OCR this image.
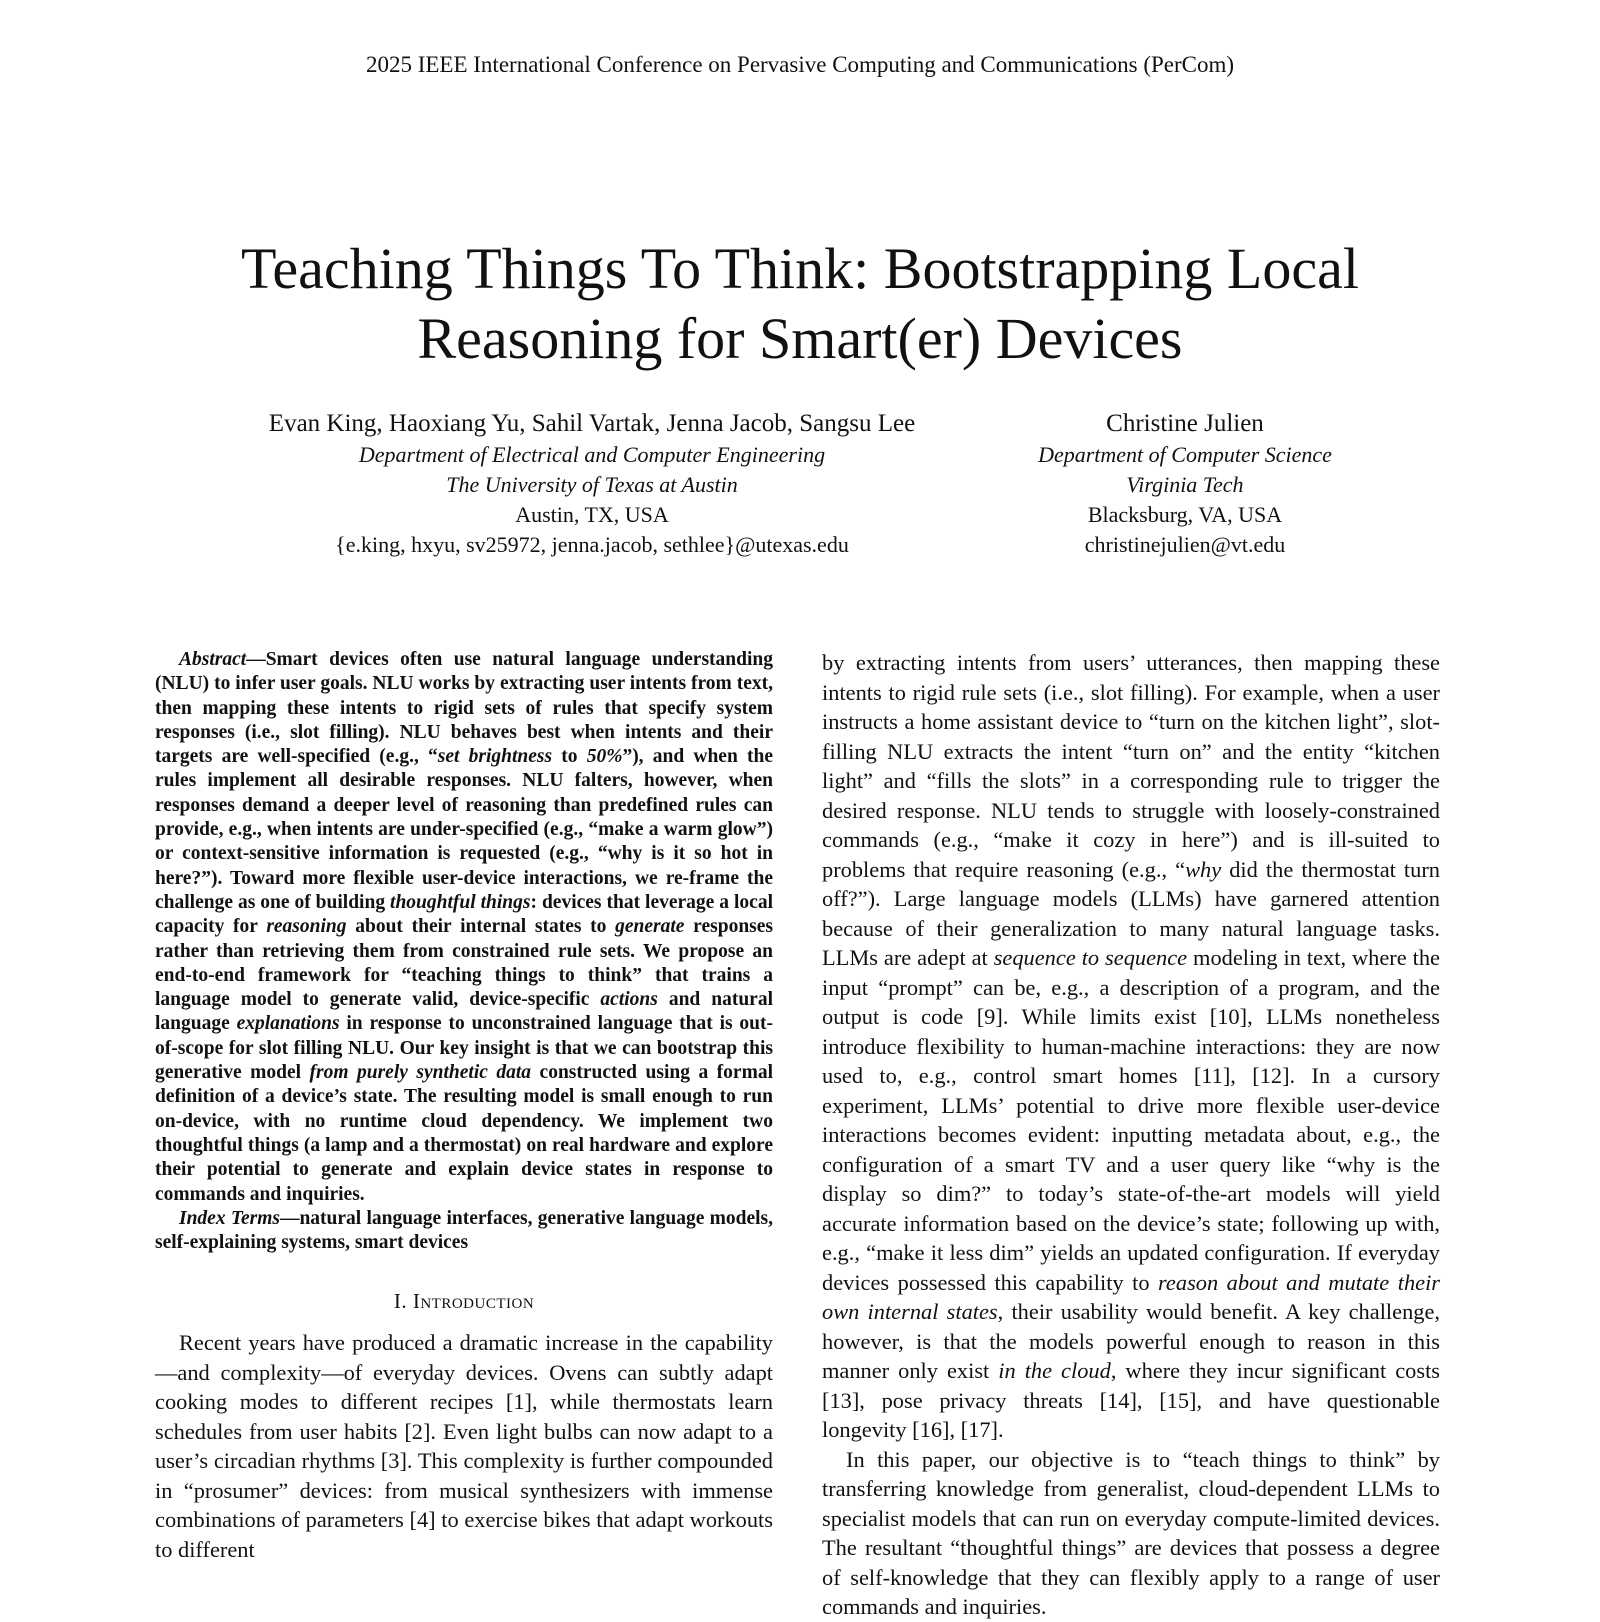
2025 IEEE International Conference on Pervasive Computing and Communications (PerCom)
Teaching Things To Think: Bootstrapping Local
Reasoning for Smart(er) Devices
Evan King, Haoxiang Yu, Sahil Vartak, Jenna Jacob, Sangsu Lee
Department of Electrical and Computer Engineering
The University of Texas at Austin
Austin, TX, USA
{e.king, hxyu, sv25972, jenna.jacob, sethlee}@utexas.edu
Christine Julien
Department of Computer Science
Virginia Tech
Blacksburg, VA, USA
christinejulien@vt.edu

Abstract—Smart devices often use natural language understanding (NLU) to infer user goals. NLU works by extracting user intents from text, then mapping these intents to rigid sets of rules that specify system responses (i.e., slot filling). NLU behaves best when intents and their targets are well-specified (e.g., “set brightness to 50%”), and when the rules implement all desirable responses. NLU falters, however, when responses demand a deeper level of reasoning than predefined rules can provide, e.g., when intents are under-specified (e.g., “make a warm glow”) or context-sensitive information is requested (e.g., “why is it so hot in here?”). Toward more flexible user-device interactions, we re-frame the challenge as one of building thoughtful things: devices that leverage a local capacity for reasoning about their internal states to generate responses rather than retrieving them from constrained rule sets. We propose an end-to-end framework for “teaching things to think” that trains a language model to generate valid, device-specific actions and natural language explanations in response to unconstrained language that is out-of-scope for slot filling NLU. Our key insight is that we can bootstrap this generative model from purely synthetic data constructed using a formal definition of a device’s state. The resulting model is small enough to run on-device, with no runtime cloud dependency. We implement two thoughtful things (a lamp and a thermostat) on real hardware and explore their potential to generate and explain device states in response to commands and inquiries.

Index Terms—natural language interfaces, generative language models, self-explaining systems, smart devices

I. Introduction

Recent years have produced a dramatic increase in the capability—and complexity—of everyday devices. Ovens can subtly adapt cooking modes to different recipes [1], while thermostats learn schedules from user habits [2]. Even light bulbs can now adapt to a user’s circadian rhythms [3]. This complexity is further compounded in “prosumer” devices: from musical synthesizers with immense combinations of parameters [4] to exercise bikes that adapt workouts to different

by extracting intents from users’ utterances, then mapping these intents to rigid rule sets (i.e., slot filling). For example, when a user instructs a home assistant device to “turn on the kitchen light”, slot-filling NLU extracts the intent “turn on” and the entity “kitchen light” and “fills the slots” in a corresponding rule to trigger the desired response. NLU tends to struggle with loosely-constrained commands (e.g., “make it cozy in here”) and is ill-suited to problems that require reasoning (e.g., “why did the thermostat turn off?”). Large language models (LLMs) have garnered attention because of their generalization to many natural language tasks. LLMs are adept at sequence to sequence modeling in text, where the input “prompt” can be, e.g., a description of a program, and the output is code [9]. While limits exist [10], LLMs nonetheless introduce flexibility to human-machine interactions: they are now used to, e.g., control smart homes [11], [12]. In a cursory experiment, LLMs’ potential to drive more flexible user-device interactions becomes evident: inputting metadata about, e.g., the configuration of a smart TV and a user query like “why is the display so dim?” to today’s state-of-the-art models will yield accurate information based on the device’s state; following up with, e.g., “make it less dim” yields an updated configuration. If everyday devices possessed this capability to reason about and mutate their own internal states, their usability would benefit. A key challenge, however, is that the models powerful enough to reason in this manner only exist in the cloud, where they incur significant costs [13], pose privacy threats [14], [15], and have questionable longevity [16], [17].

In this paper, our objective is to “teach things to think” by transferring knowledge from generalist, cloud-dependent LLMs to specialist models that can run on everyday compute-limited devices. The resultant “thoughtful things” are devices that possess a degree of self-knowledge that they can flexibly apply to a range of user commands and inquiries.
